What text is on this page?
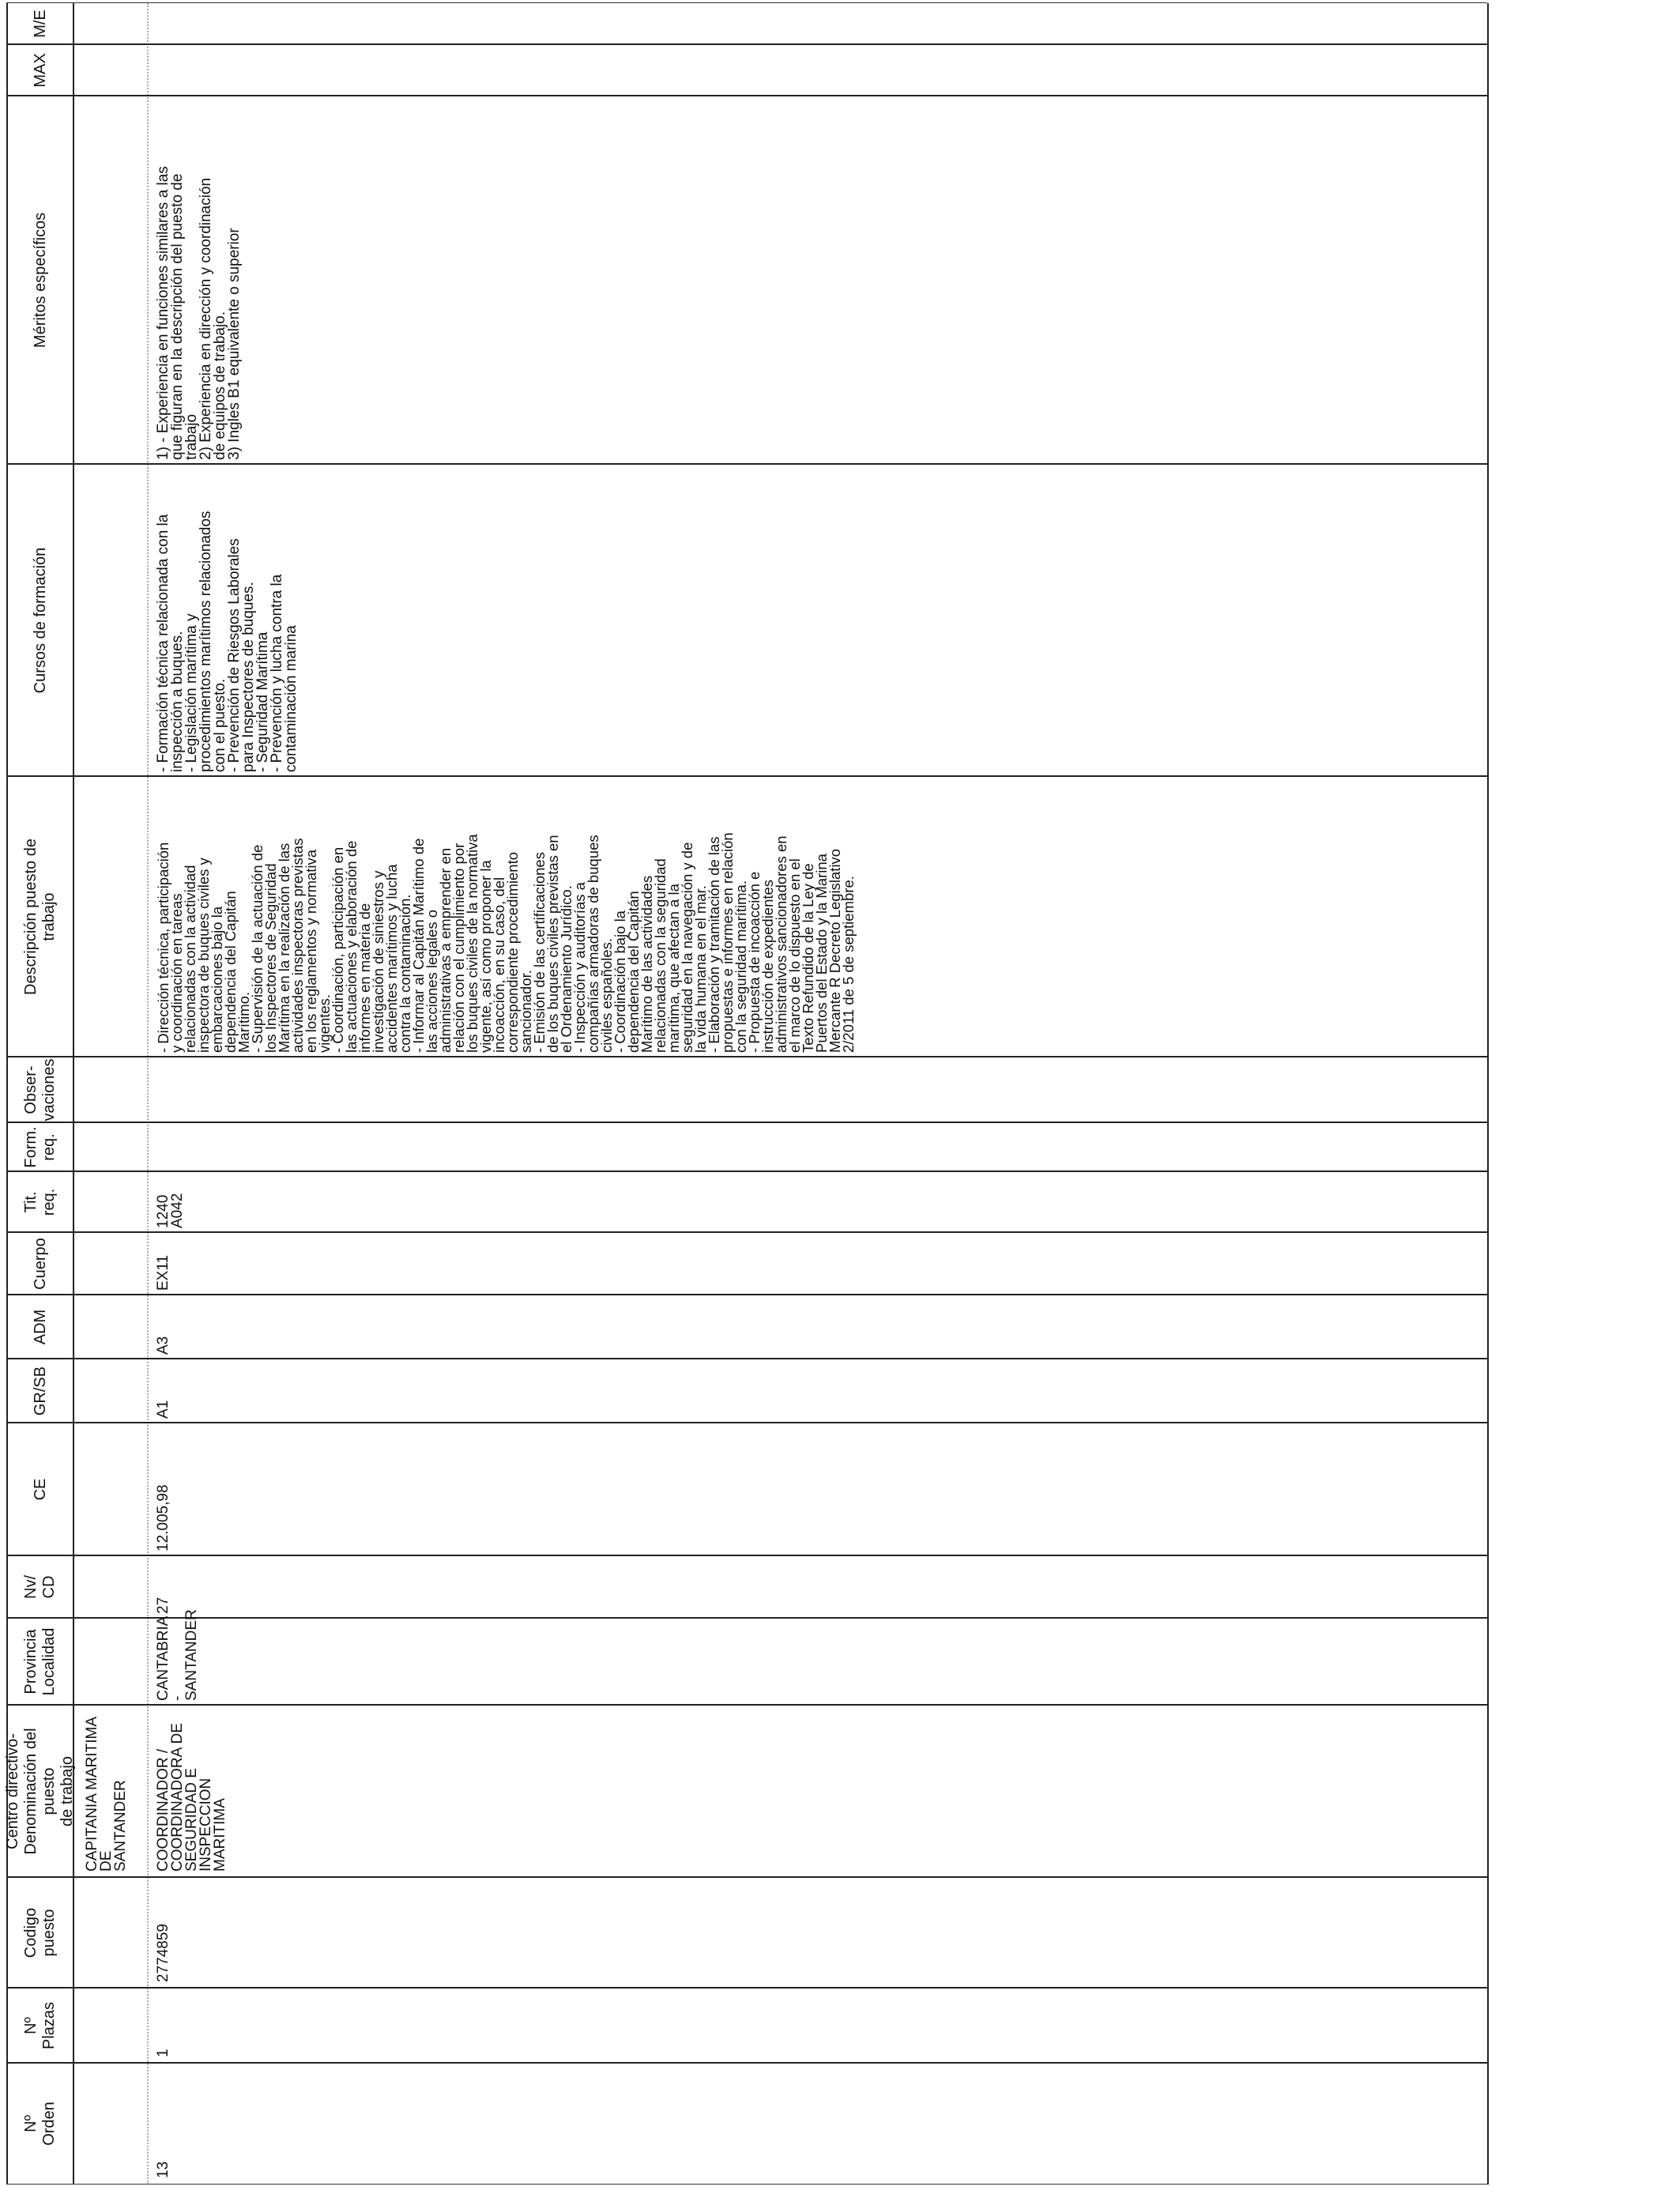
Nº
Orden
Nº
Plazas
Codigo
puesto
Centro directivo-
Denominación del puesto
de trabajo
Provincia
Localidad
Nv/
CD
CE
GR/SB
ADM
Cuerpo
Tit.
req.
Form.
req.
Obser-
vaciones
Descripción puesto de
trabajo
Cursos de formación
Méritos específicos
MAX
M/E
CAPITANIA MARITIMA DE
SANTANDER
13
1
2774859
COORDINADOR /
COORDINADORA DE
SEGURIDAD E INSPECCION
MARITIMA
CANTABRIA -
SANTANDER
27
12.005,98
A1
A3
EX11
1240
A042
- Dirección técnica, participación
y coordinación en tareas
relacionadas con la actividad
inspectora de buques civiles y
embarcaciones bajo la
dependencia del Capitán
Marítimo.
- Supervisión de la actuación de
los Inspectores de Seguridad
Marítima en la realización de las
actividades inspectoras previstas
en los reglamentos y normativa
vigentes.
- Coordinación, participación en
las actuaciones y elaboración de
informes en materia de
investigación de siniestros y
accidentes marítimos y lucha
contra la contaminación.
- Informar al Capitán Marítimo de
las acciones legales o
administrativas a emprender en
relación con el cumplimiento por
los buques civiles de la normativa
vigente, así como proponer la
incoacción, en su caso, del
correspondiente procedimiento
sancionador.
- Emisión de las certificaciones
de los buques civiles previstas en
el Ordenamiento Jurídico.
- Inspección y auditorías a
compañías armadoras de buques
civiles españoles.
- Coordinación bajo la
dependencia del Capitán
Marítimo de las actividades
relacionadas con la seguridad
marítima, que afectan a la
seguridad en la navegación y de
la vida humana en el mar.
- Elaboración y tramitación de las
propuestas e informes en relación
con la seguridad marítima.
- Propuesta de incoacción e
instrucción de expedientes
administrativos sancionadores en
el marco de lo dispuesto en el
Texto Refundido de la Ley de
Puertos del Estado y la Marina
Mercante R Decreto Legislativo
2/2011 de 5 de septiembre.
- Formación técnica relacionada con la
inspección a buques.
- Legislación marítima y
procedimientos marítimos relacionados
con el puesto.
- Prevención de Riesgos Laborales
para Inspectores de buques.
- Seguridad Marítima
- Prevención y lucha contra la
contaminación marina
1) - Experiencia en funciones similares a las
que figuran en la descripción del puesto de
trabajo
2) Experiencia en dirección y coordinación
de equipos de trabajo.
3) Ingles B1 equivalente o superior
